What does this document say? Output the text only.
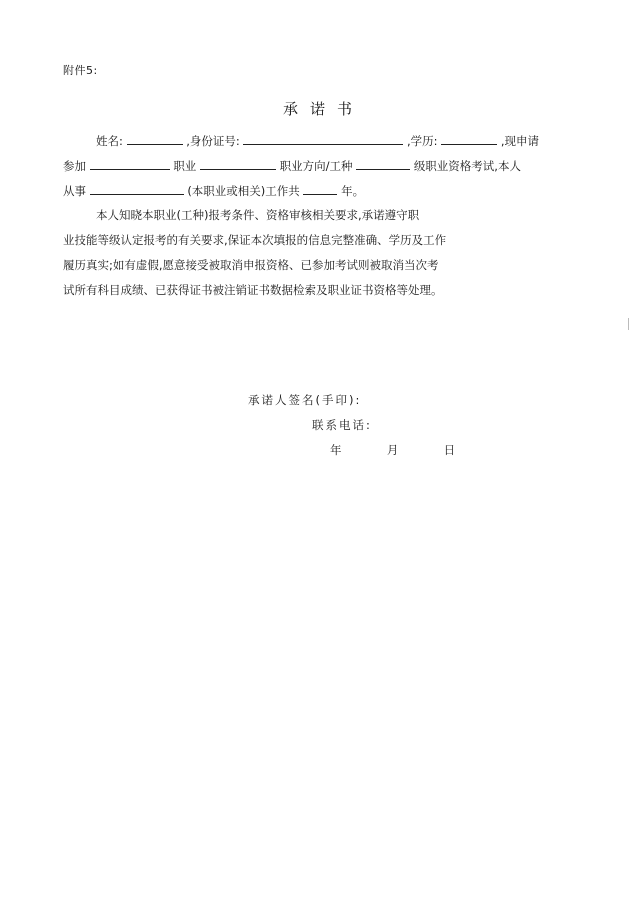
附件5:
承诺书
姓名:	,身份证号:	,学历:	,现申请
参加	职业	职业方向/工种	级职业资格考试,本人
从事	(本职业或相关)工作共	年。
本人知晓本职业(工种)报考条件、资格审核相关要求,承诺遵守职
业技能等级认定报考的有关要求,保证本次填报的信息完整准确、学历及工作
履历真实;如有虚假,愿意接受被取消申报资格、已参加考试则被取消当次考
试所有科目成绩、已获得证书被注销证书数据检索及职业证书资格等处理。
承诺人签名(手印):
联系电话:
年	月	日
